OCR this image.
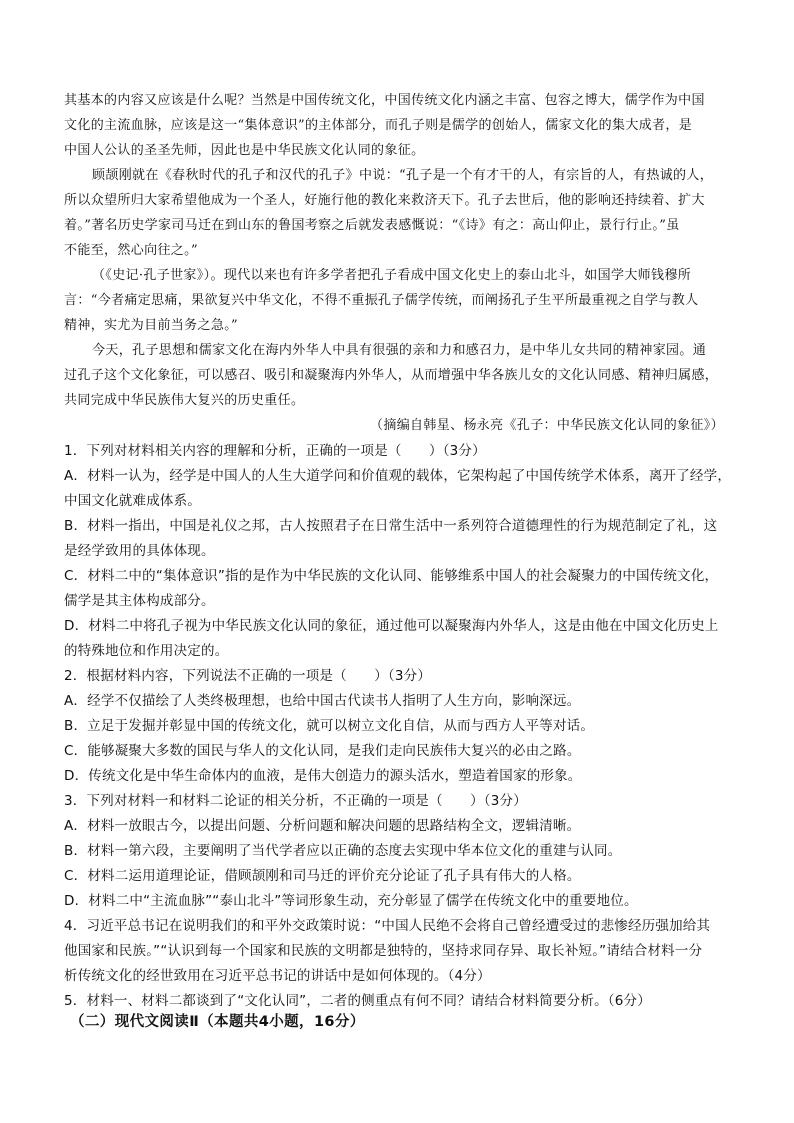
其基本的内容又应该是什么呢？当然是中国传统文化，中国传统文化内涵之丰富、包容之博大，儒学作为中国
文化的主流血脉，应该是这一“集体意识”的主体部分，而孔子则是儒学的创始人，儒家文化的集大成者，是
中国人公认的圣圣先师，因此也是中华民族文化认同的象征。
顾颉刚就在《春秋时代的孔子和汉代的孔子》中说：“孔子是一个有才干的人，有宗旨的人，有热诚的人，
所以众望所归大家希望他成为一个圣人，好施行他的教化来救济天下。孔子去世后，他的影响还持续着、扩大
着。”著名历史学家司马迁在到山东的鲁国考察之后就发表感慨说：“《诗》有之：高山仰止，景行行止。”虽
不能至，然心向往之。”
（《史记·孔子世家》）。现代以来也有许多学者把孔子看成中国文化史上的泰山北斗，如国学大师钱穆所
言：“今者痛定思痛，果欲复兴中华文化，不得不重振孔子儒学传统，而阐扬孔子生平所最重视之自学与教人
精神，实尤为目前当务之急。”
今天，孔子思想和儒家文化在海内外华人中具有很强的亲和力和感召力，是中华儿女共同的精神家园。通
过孔子这个文化象征，可以感召、吸引和凝聚海内外华人，从而增强中华各族儿女的文化认同感、精神归属感，
共同完成中华民族伟大复兴的历史重任。
（摘编自韩星、杨永亮《孔子：中华民族文化认同的象征》）
1．下列对材料相关内容的理解和分析，正确的一项是（　　）（3分）
A．材料一认为，经学是中国人的人生大道学问和价值观的载体，它架构起了中国传统学术体系，离开了经学，
中国文化就难成体系。
B．材料一指出，中国是礼仪之邦，古人按照君子在日常生活中一系列符合道德理性的行为规范制定了礼，这
是经学致用的具体体现。
C．材料二中的“集体意识”指的是作为中华民族的文化认同、能够维系中国人的社会凝聚力的中国传统文化，
儒学是其主体构成部分。
D．材料二中将孔子视为中华民族文化认同的象征，通过他可以凝聚海内外华人，这是由他在中国文化历史上
的特殊地位和作用决定的。
2．根据材料内容，下列说法不正确的一项是（　　）（3分）
A．经学不仅描绘了人类终极理想，也给中国古代读书人指明了人生方向，影响深远。
B．立足于发掘并彰显中国的传统文化，就可以树立文化自信，从而与西方人平等对话。
C．能够凝聚大多数的国民与华人的文化认同，是我们走向民族伟大复兴的必由之路。
D．传统文化是中华生命体内的血液，是伟大创造力的源头活水，塑造着国家的形象。
3．下列对材料一和材料二论证的相关分析，不正确的一项是（　　）（3分）
A．材料一放眼古今，以提出问题、分析问题和解决问题的思路结构全文，逻辑清晰。
B．材料一第六段，主要阐明了当代学者应以正确的态度去实现中华本位文化的重建与认同。
C．材料二运用道理论证，借顾颉刚和司马迁的评价充分论证了孔子具有伟大的人格。
D．材料二中“主流血脉”“泰山北斗”等词形象生动，充分彰显了儒学在传统文化中的重要地位。
4．习近平总书记在说明我们的和平外交政策时说：“中国人民绝不会将自己曾经遭受过的悲惨经历强加给其
他国家和民族。”“认识到每一个国家和民族的文明都是独特的，坚持求同存异、取长补短。”请结合材料一分
析传统文化的经世致用在习近平总书记的讲话中是如何体现的。（4分）
5．材料一、材料二都谈到了“文化认同”，二者的侧重点有何不同？请结合材料简要分析。（6分）
（二）现代文阅读Ⅱ（本题共4小题，16分）
